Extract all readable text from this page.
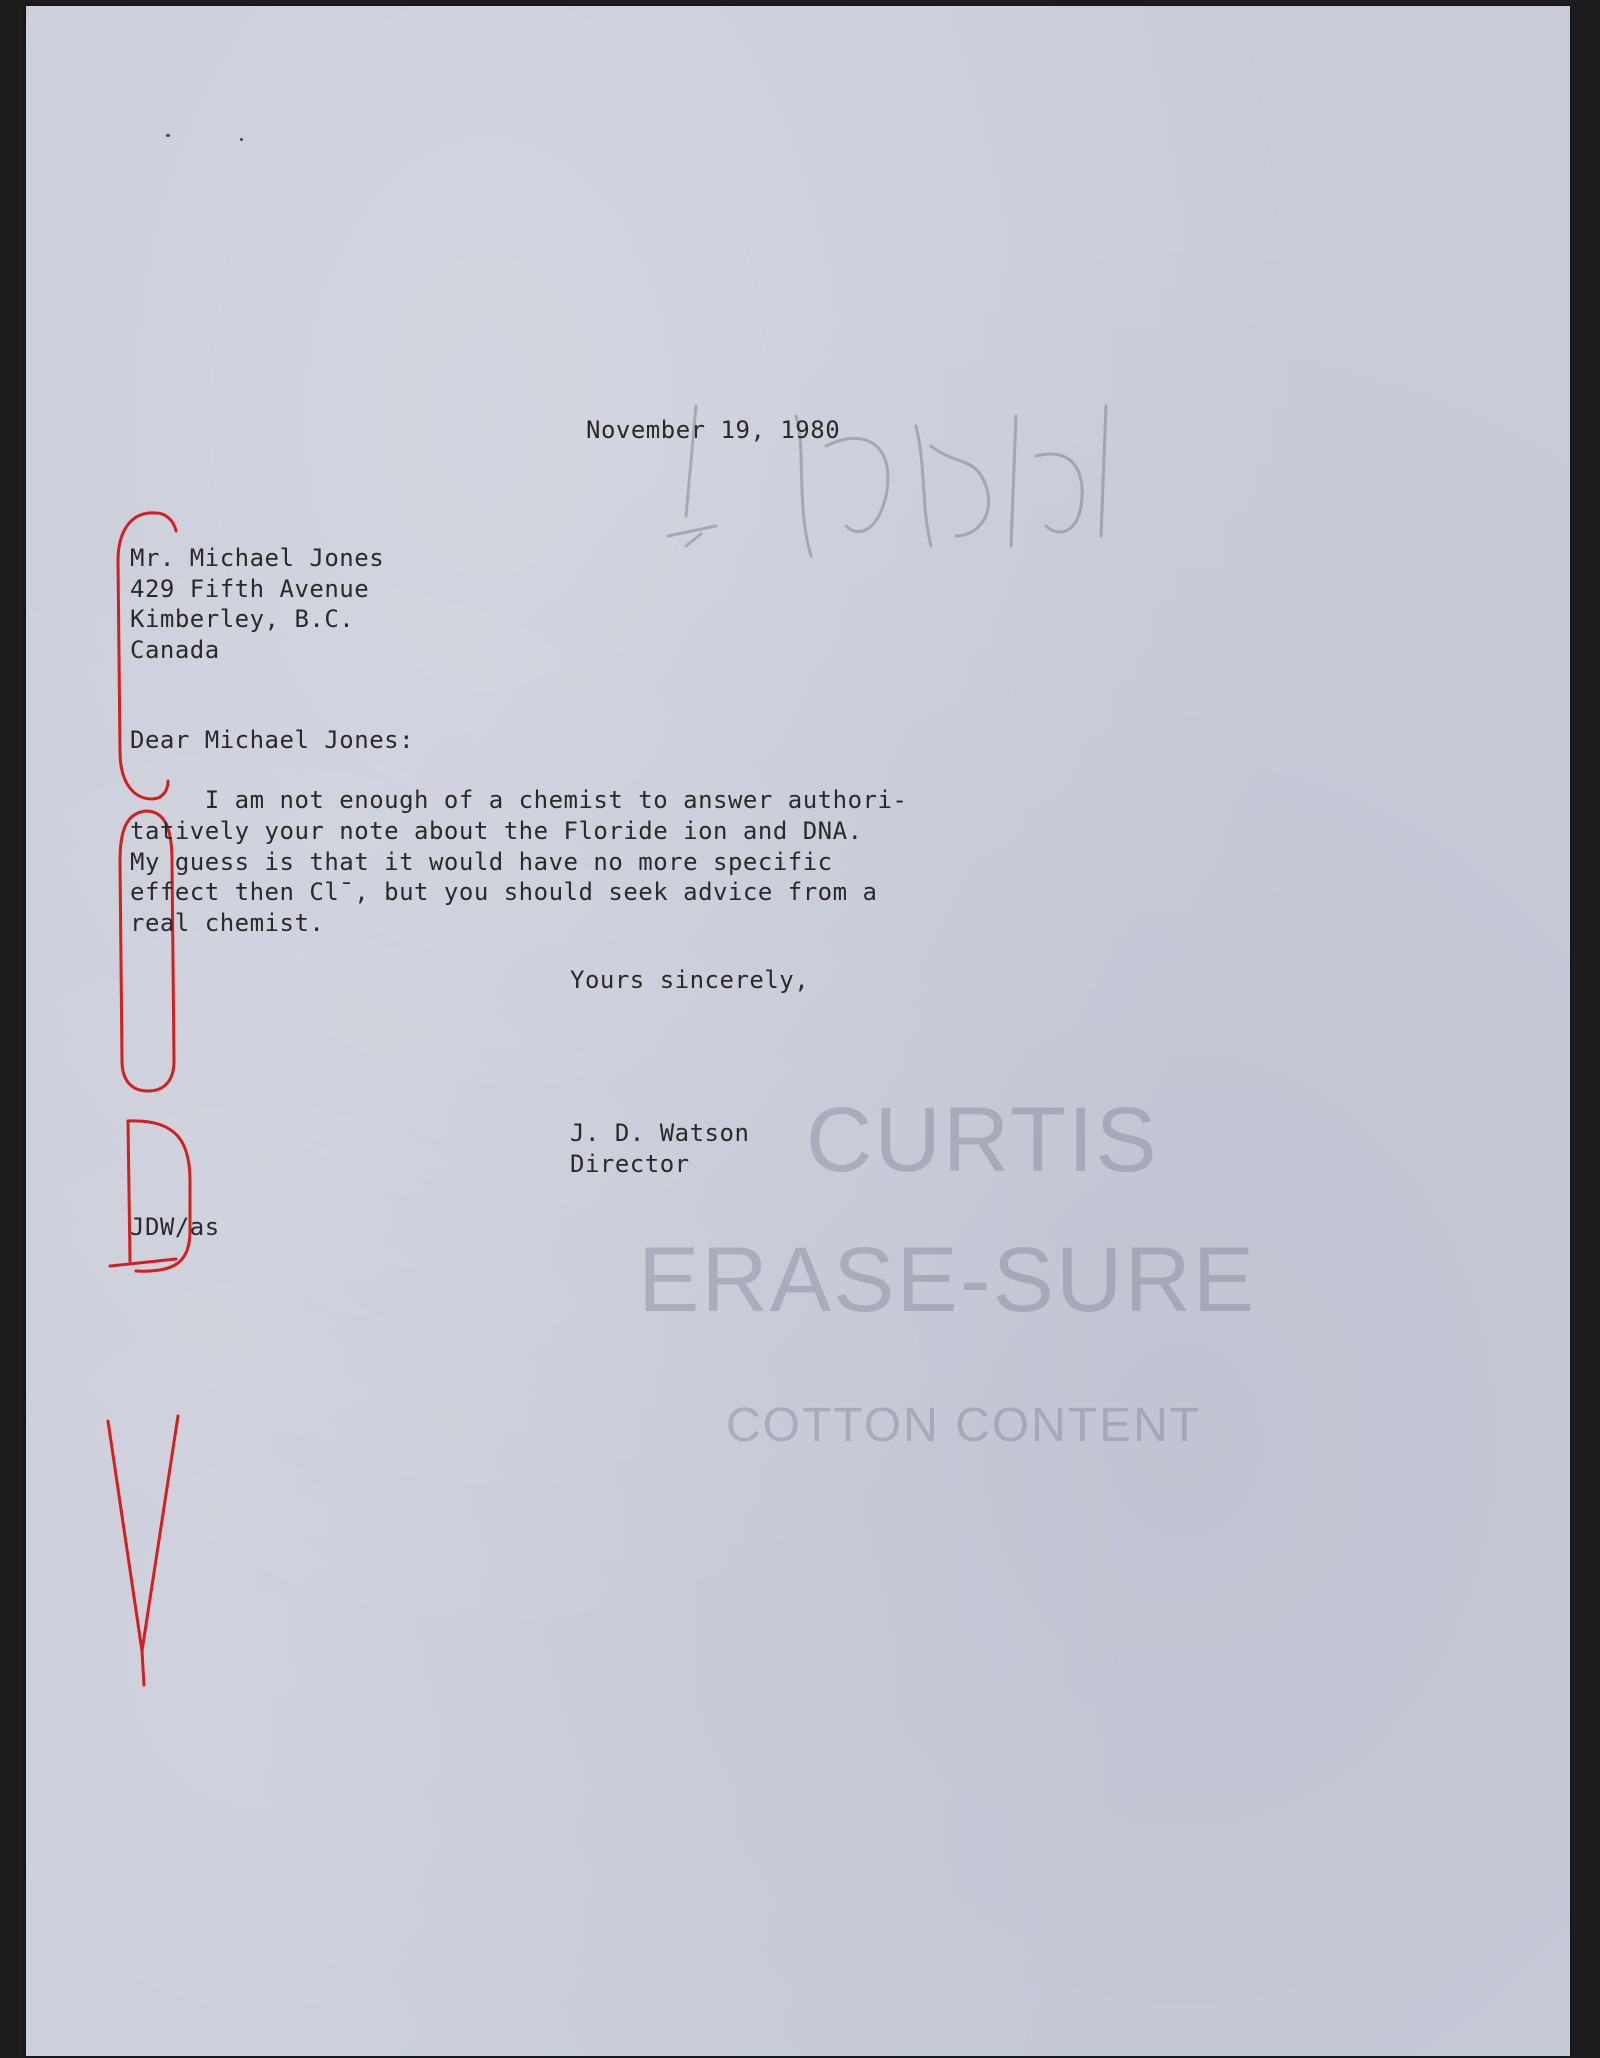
CURTIS
ERASE-SURE
COTTON CONTENT
November 19, 1980
Mr. Michael Jones
429 Fifth Avenue
Kimberley, B.C.
Canada
Dear Michael Jones:
I am not enough of a chemist to answer authori-
tatively your note about the Floride ion and DNA.
My guess is that it would have no more specific
effect then Cl¯, but you should seek advice from a
real chemist.
Yours sincerely,
J. D. Watson
Director
JDW/as
